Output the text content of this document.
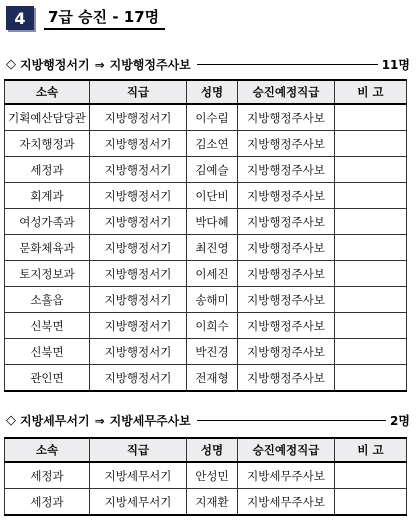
4	7급 승진 - 17명
◇ 지방행정서기 ⇒ 지방행정주사보	11명
소속	직급	성명	승진예정직급	비 고
기획예산담당관	지방행정서기	이수림	지방행정주사보	
자치행정과	지방행정서기	김소연	지방행정주사보	
세정과	지방행정서기	김예슬	지방행정주사보	
회계과	지방행정서기	이단비	지방행정주사보	
여성가족과	지방행정서기	박다혜	지방행정주사보	
문화체육과	지방행정서기	최진영	지방행정주사보	
토지정보과	지방행정서기	이세진	지방행정주사보	
소흘읍	지방행정서기	송해미	지방행정주사보	
신북면	지방행정서기	이희수	지방행정주사보	
신북면	지방행정서기	박진경	지방행정주사보	
관인면	지방행정서기	전재형	지방행정주사보	
◇ 지방세무서기 ⇒ 지방세무주사보	2명
소속	직급	성명	승진예정직급	비 고
세정과	지방세무서기	안성민	지방세무주사보	
세정과	지방세무서기	지재환	지방세무주사보	
